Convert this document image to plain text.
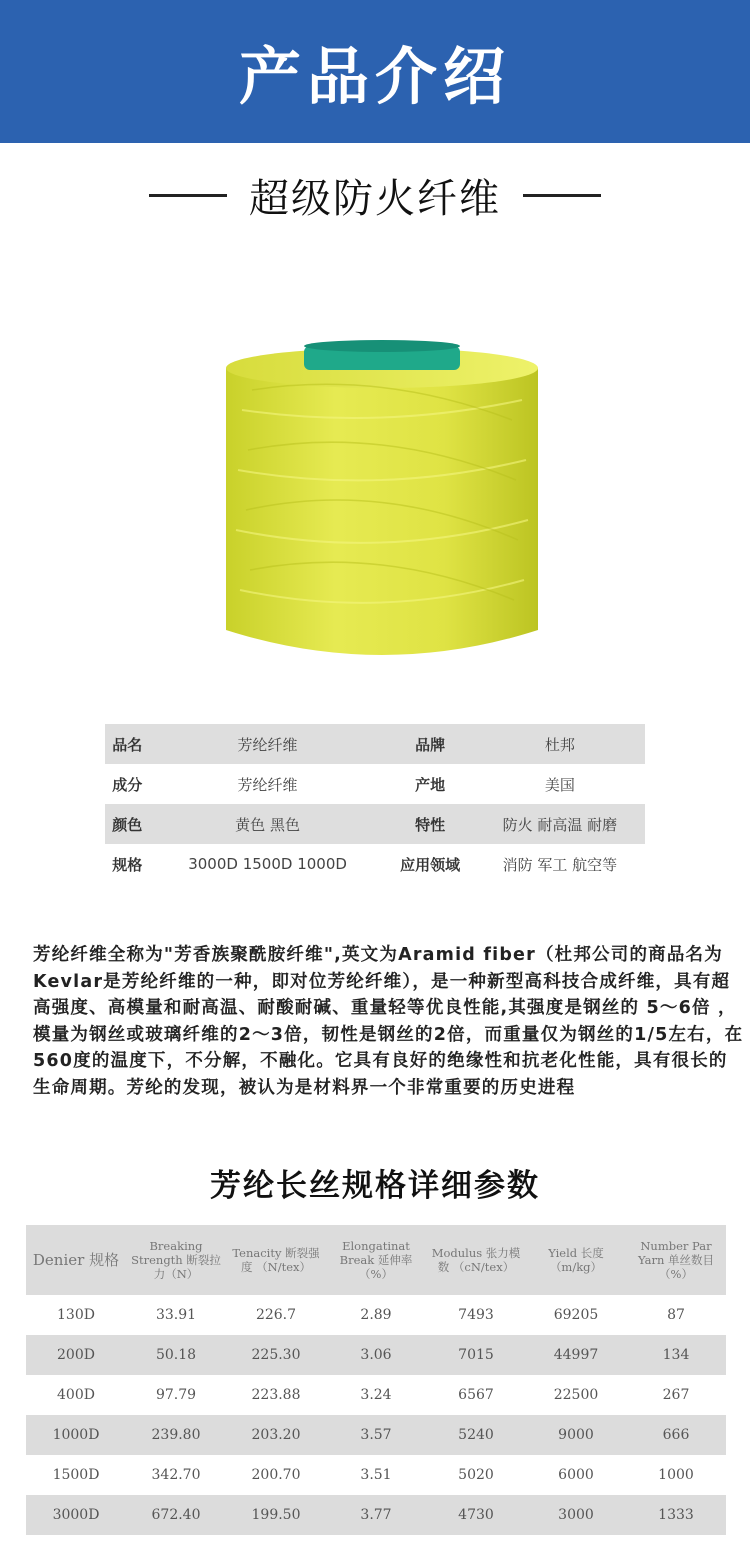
产品介绍
超级防火纤维
品名	芳纶纤维	品牌	杜邦
成分	芳纶纤维	产地	美国
颜色	黄色 黑色	特性	防火 耐高温 耐磨
规格	3000D 1500D 1000D	应用领域	消防 军工 航空等

芳纶纤维全称为"芳香族聚酰胺纤维",英文为Aramid fiber（杜邦公司的商品名为Kevlar是芳纶纤维的一种，即对位芳纶纤维），是一种新型高科技合成纤维，具有超高强度、高模量和耐高温、耐酸耐碱、重量轻等优良性能,其强度是钢丝的 5～6倍 ，模量为钢丝或玻璃纤维的2～3倍，韧性是钢丝的2倍，而重量仅为钢丝的1/5左右，在560度的温度下，不分解，不融化。它具有良好的绝缘性和抗老化性能，具有很长的生命周期。芳纶的发现，被认为是材料界一个非常重要的历史进程

芳纶长丝规格详细参数
Denier 规格	Breaking Strength 断裂拉力（N）	Tenacity 断裂强度 （N/tex）	Elongatinat Break 延伸率（%）	Modulus 张力模数 （cN/tex）	Yield 长度 （m/kg）	Number Par Yarn 单丝数目（%）
130D	33.91	226.7	2.89	7493	69205	87
200D	50.18	225.30	3.06	7015	44997	134
400D	97.79	223.88	3.24	6567	22500	267
1000D	239.80	203.20	3.57	5240	9000	666
1500D	342.70	200.70	3.51	5020	6000	1000
3000D	672.40	199.50	3.77	4730	3000	1333
